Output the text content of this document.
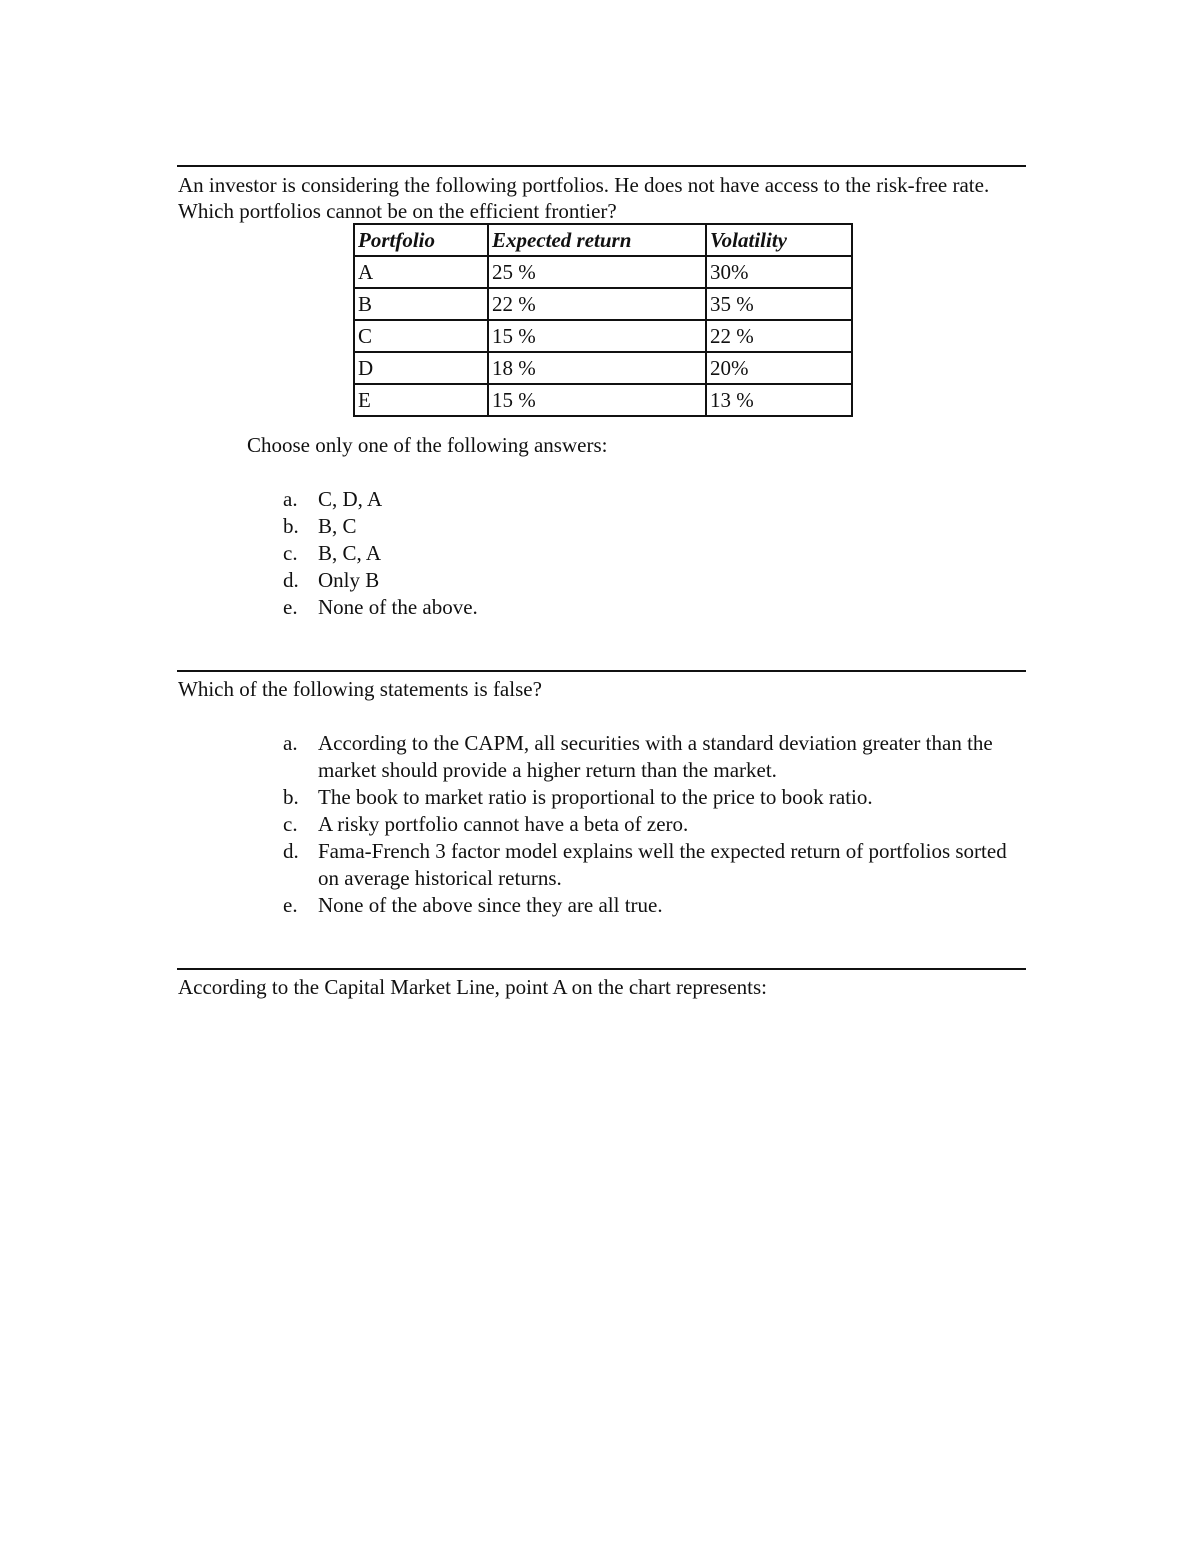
An investor is considering the following portfolios. He does not have access to the risk-free rate. Which portfolios cannot be on the efficient frontier?
Portfolio	Expected return	Volatility
A	25 %	30%
B	22 %	35 %
C	15 %	22 %
D	18 %	20%
E	15 %	13 %
Choose only one of the following answers:
a. C, D, A
b. B, C
c. B, C, A
d. Only B
e. None of the above.
Which of the following statements is false?
a. According to the CAPM, all securities with a standard deviation greater than the market should provide a higher return than the market.
b. The book to market ratio is proportional to the price to book ratio.
c. A risky portfolio cannot have a beta of zero.
d. Fama-French 3 factor model explains well the expected return of portfolios sorted on average historical returns.
e. None of the above since they are all true.
According to the Capital Market Line, point A on the chart represents:
